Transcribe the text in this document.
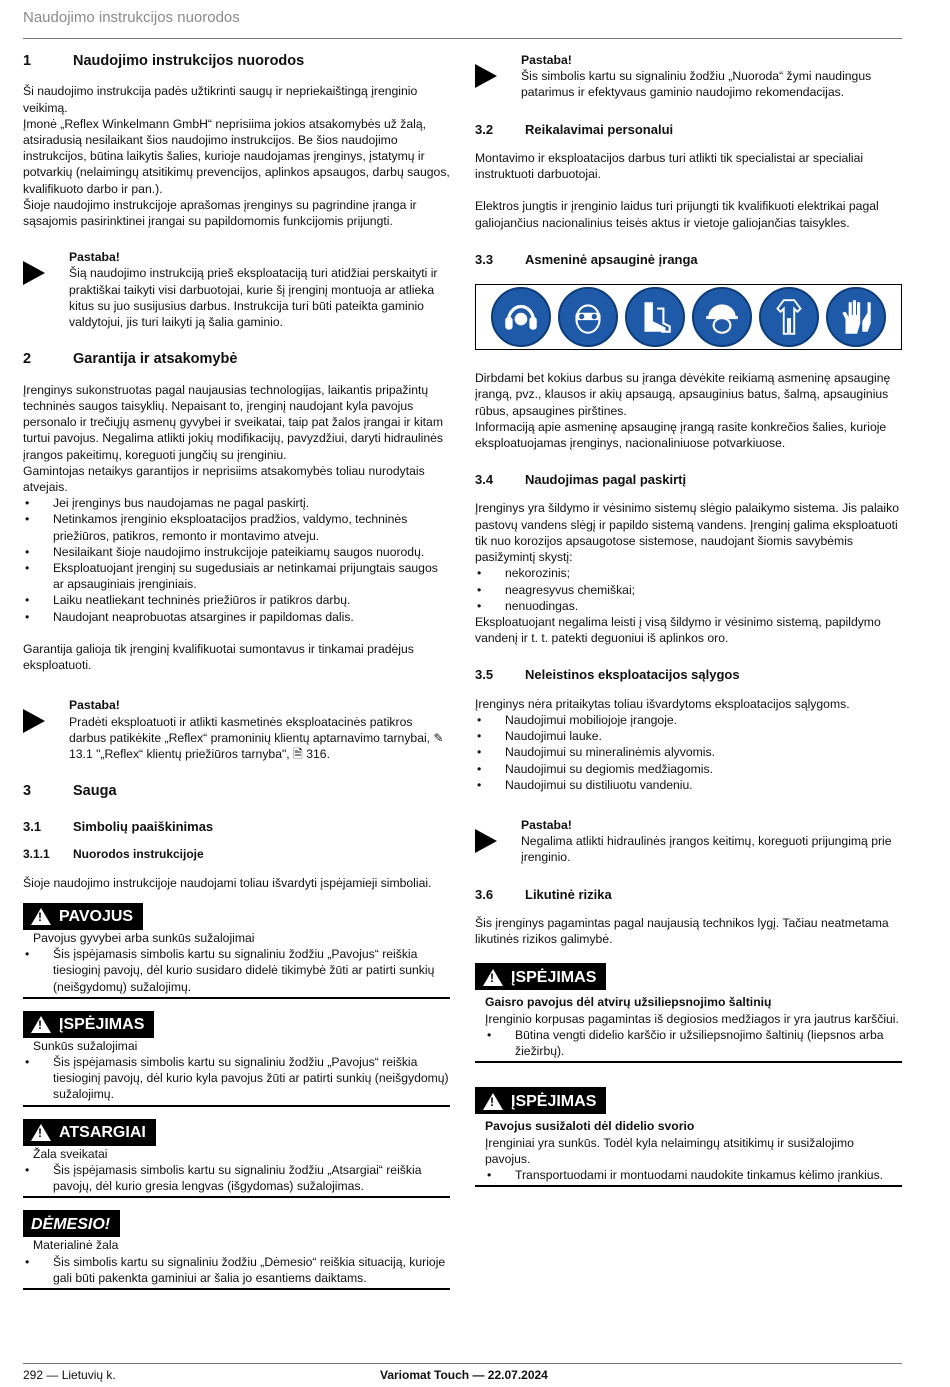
Naudojimo instrukcijos nuorodos
1	Naudojimo instrukcijos nuorodos

Ši naudojimo instrukcija padės užtikrinti saugų ir nepriekaištingą įrenginio veikimą.

Įmonė „Reflex Winkelmann GmbH“ neprisiima jokios atsakomybės už žalą, atsiradusią nesilaikant šios naudojimo instrukcijos. Be šios naudojimo instrukcijos, būtina laikytis šalies, kurioje naudojamas įrenginys, įstatymų ir potvarkių (nelaimingų atsitikimų prevencijos, aplinkos apsaugos, darbų saugos, kvalifikuoto darbo ir pan.).

Šioje naudojimo instrukcijoje aprašomas įrenginys su pagrindine įranga ir sąsajomis pasirinktinei įrangai su papildomomis funkcijomis prijungti.

Pastaba!

Šią naudojimo instrukciją prieš eksploataciją turi atidžiai perskaityti ir praktiškai taikyti visi darbuotojai, kurie šį įrenginį montuoja ar atlieka kitus su juo susijusius darbus. Instrukcija turi būti pateikta gaminio valdytojui, jis turi laikyti ją šalia gaminio.

2	Garantija ir atsakomybė

Įrenginys sukonstruotas pagal naujausias technologijas, laikantis pripažintų techninės saugos taisyklių. Nepaisant to, įrenginį naudojant kyla pavojus personalo ir trečiųjų asmenų gyvybei ir sveikatai, taip pat žalos įrangai ir kitam turtui pavojus. Negalima atlikti jokių modifikacijų, pavyzdžiui, daryti hidraulinės įrangos pakeitimų, koreguoti jungčių su įrenginiu.

Gamintojas netaikys garantijos ir neprisiims atsakomybės toliau nurodytais atvejais.

• Jei įrenginys bus naudojamas ne pagal paskirtį.
• Netinkamos įrenginio eksploatacijos pradžios, valdymo, techninės priežiūros, patikros, remonto ir montavimo atveju.
• Nesilaikant šioje naudojimo instrukcijoje pateikiamų saugos nuorodų.
• Eksploatuojant įrenginį su sugedusiais ar netinkamai prijungtais saugos ar apsauginiais įrenginiais.
• Laiku neatliekant techninės priežiūros ir patikros darbų.
• Naudojant neaprobuotas atsargines ir papildomas dalis.

Garantija galioja tik įrenginį kvalifikuotai sumontavus ir tinkamai pradėjus eksploatuoti.

Pastaba!

Pradėti eksploatuoti ir atlikti kasmetinės eksploatacinės patikros darbus patikėkite „Reflex“ pramoninių klientų aptarnavimo tarnybai, ✎ 13.1 "„Reflex“ klientų priežiūros tarnyba", 🗎 316.

3	Sauga
3.1	Simbolių paaiškinimas
3.1.1	Nuorodos instrukcijoje

Šioje naudojimo instrukcijoje naudojami toliau išvardyti įspėjamieji simboliai.

!
PAVOJUS

Pavojus gyvybei arba sunkūs sužalojimai

• Šis įspėjamasis simbolis kartu su signaliniu žodžiu „Pavojus“ reiškia tiesioginį pavojų, dėl kurio susidaro didelė tikimybė žūti ar patirti sunkių (neišgydomų) sužalojimų.
!
ĮSPĖJIMAS

Sunkūs sužalojimai

• Šis įspėjamasis simbolis kartu su signaliniu žodžiu „Pavojus“ reiškia tiesioginį pavojų, dėl kurio kyla pavojus žūti ar patirti sunkių (neišgydomų) sužalojimų.
!
ATSARGIAI

Žala sveikatai

• Šis įspėjamasis simbolis kartu su signaliniu žodžiu „Atsargiai“ reiškia pavojų, dėl kurio gresia lengvas (išgydomas) sužalojimas.
DĖMESIO!

Materialinė žala

• Šis simbolis kartu su signaliniu žodžiu „Dėmesio“ reiškia situaciją, kurioje gali būti pakenkta gaminiui ar šalia jo esantiems daiktams.

Pastaba!

Šis simbolis kartu su signaliniu žodžiu „Nuoroda“ žymi naudingus patarimus ir efektyvaus gaminio naudojimo rekomendacijas.

3.2	Reikalavimai personalui

Montavimo ir eksploatacijos darbus turi atlikti tik specialistai ar specialiai instruktuoti darbuotojai.

Elektros jungtis ir įrenginio laidus turi prijungti tik kvalifikuoti elektrikai pagal galiojančius nacionalinius teisės aktus ir vietoje galiojančias taisykles.

3.3	Asmeninė apsauginė įranga

Dirbdami bet kokius darbus su įranga dėvėkite reikiamą asmeninę apsauginę įrangą, pvz., klausos ir akių apsaugą, apsauginius batus, šalmą, apsauginius rūbus, apsaugines pirštines.

Informaciją apie asmeninę apsauginę įrangą rasite konkrečios šalies, kurioje eksploatuojamas įrenginys, nacionaliniuose potvarkiuose.

3.4	Naudojimas pagal paskirtį

Įrenginys yra šildymo ir vėsinimo sistemų slėgio palaikymo sistema. Jis palaiko pastovų vandens slėgį ir papildo sistemą vandens. Įrenginį galima eksploatuoti tik nuo korozijos apsaugotose sistemose, naudojant šiomis savybėmis pasižymintį skystį:

• nekorozinis;
• neagresyvus chemiškai;
• nenuodingas.

Eksploatuojant negalima leisti į visą šildymo ir vėsinimo sistemą, papildymo vandenį ir t. t. patekti deguoniui iš aplinkos oro.

3.5	Neleistinos eksploatacijos sąlygos

Įrenginys nėra pritaikytas toliau išvardytoms eksploatacijos sąlygoms.

• Naudojimui mobiliojoje įrangoje.
• Naudojimui lauke.
• Naudojimui su mineralinėmis alyvomis.
• Naudojimui su degiomis medžiagomis.
• Naudojimui su distiliuotu vandeniu.

Pastaba!

Negalima atlikti hidraulinės įrangos keitimų, koreguoti prijungimą prie įrenginio.

3.6	Likutinė rizika

Šis įrenginys pagamintas pagal naujausią technikos lygį. Tačiau neatmetama likutinės rizikos galimybė.

!
ĮSPĖJIMAS

Gaisro pavojus dėl atvirų užsiliepsnojimo šaltinių

Įrenginio korpusas pagamintas iš degiosios medžiagos ir yra jautrus karščiui.

• Būtina vengti didelio karščio ir užsiliepsnojimo šaltinių (liepsnos arba žiežirbų).
!
ĮSPĖJIMAS

Pavojus susižaloti dėl didelio svorio

Įrenginiai yra sunkūs. Todėl kyla nelaimingų atsitikimų ir susižalojimo pavojus.

• Transportuodami ir montuodami naudokite tinkamus kėlimo įrankius.
292 — Lietuvių k.	Variomat Touch — 22.07.2024
